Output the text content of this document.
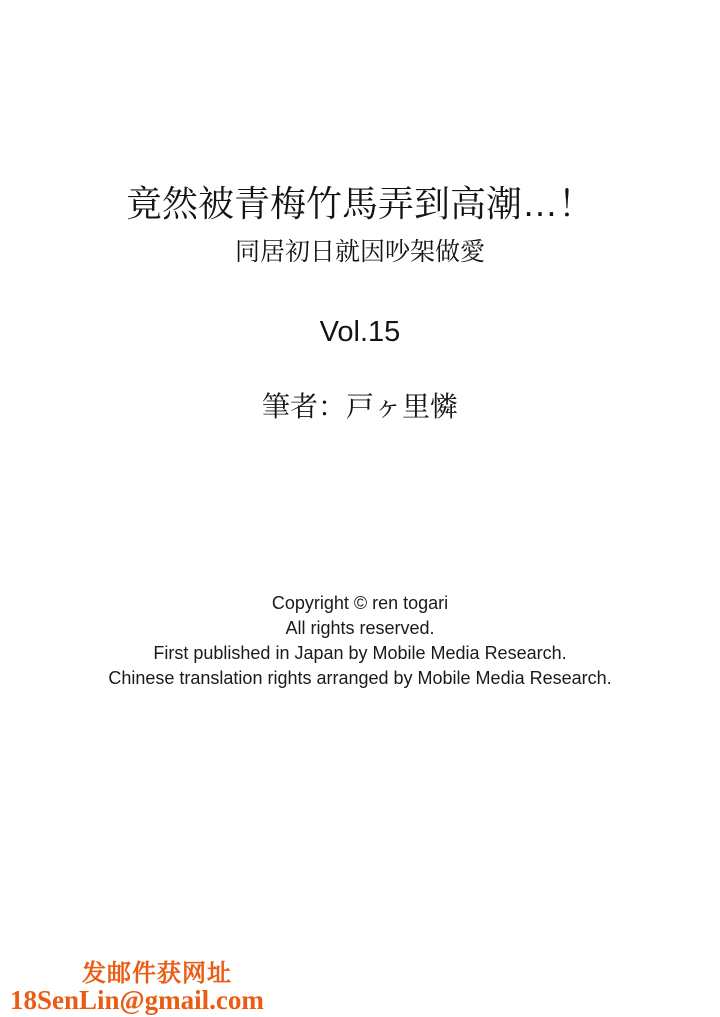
竟然被青梅竹馬弄到高潮…！
同居初日就因吵架做愛
Vol.15
筆者：戸ヶ里憐
Copyright © ren togari
All rights reserved.
First published in Japan by Mobile Media Research.
Chinese translation rights arranged by Mobile Media Research.
发邮件获网址
18SenLin@gmail.com
